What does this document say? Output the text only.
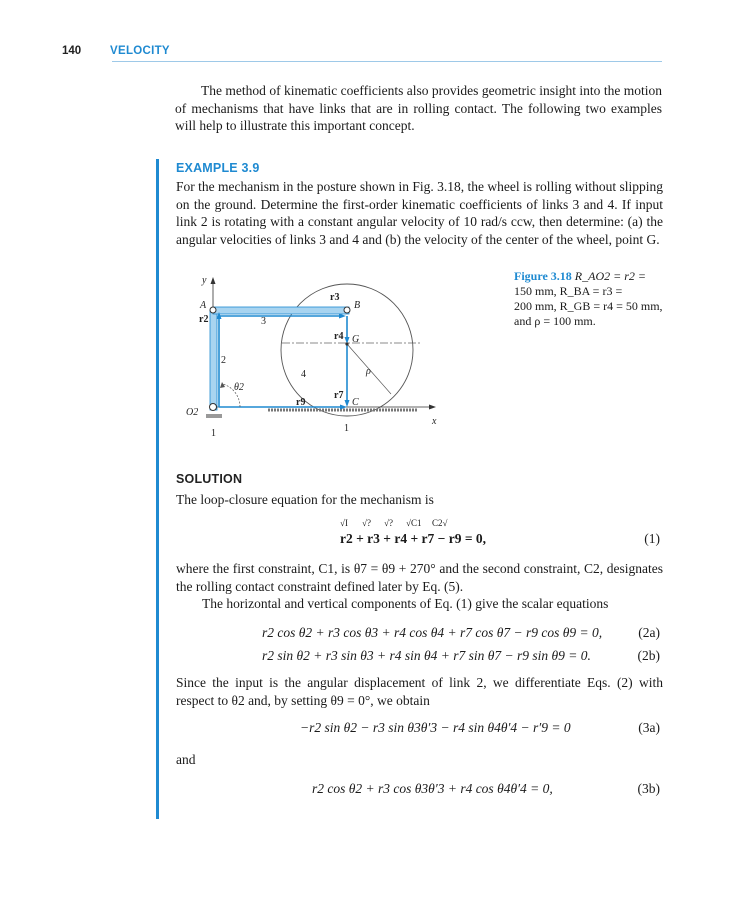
140	VELOCITY
The method of kinematic coefficients also provides geometric insight into the motion of mechanisms that have links that are in rolling contact. The following two examples will help to illustrate this important concept.
EXAMPLE 3.9
For the mechanism in the posture shown in Fig. 3.18, the wheel is rolling without slipping on the ground. Determine the first-order kinematic coefficients of links 3 and 4. If input link 2 is rotating with a constant angular velocity of 10 rad/s ccw, then determine: (a) the angular velocities of links 3 and 4 and (b) the velocity of the center of the wheel, point G.
y
x
A	B
G
C
O2
r2
r3
r4
r7
r9
2
3
4
1	1
θ2
ρ
Figure 3.18 R_AO2 = r2 =
150 mm, R_BA = r3 =
200 mm, R_GB = r4 = 50 mm,
and ρ = 100 mm.
SOLUTION
The loop-closure equation for the mechanism is
√I √? √? √C1 C2√
r2 + r3 + r4 + r7 − r9 = 0,	(1)
where the first constraint, C1, is θ7 = θ9 + 270° and the second constraint, C2, designates the rolling contact constraint defined later by Eq. (5).
The horizontal and vertical components of Eq. (1) give the scalar equations
r2 cos θ2 + r3 cos θ3 + r4 cos θ4 + r7 cos θ7 − r9 cos θ9 = 0,	(2a)
r2 sin θ2 + r3 sin θ3 + r4 sin θ4 + r7 sin θ7 − r9 sin θ9 = 0.	(2b)
Since the input is the angular displacement of link 2, we differentiate Eqs. (2) with respect to θ2 and, by setting θ9 = 0°, we obtain
−r2 sin θ2 − r3 sin θ3θ′3 − r4 sin θ4θ′4 − r′9 = 0	(3a)
and
r2 cos θ2 + r3 cos θ3θ′3 + r4 cos θ4θ′4 = 0,	(3b)
